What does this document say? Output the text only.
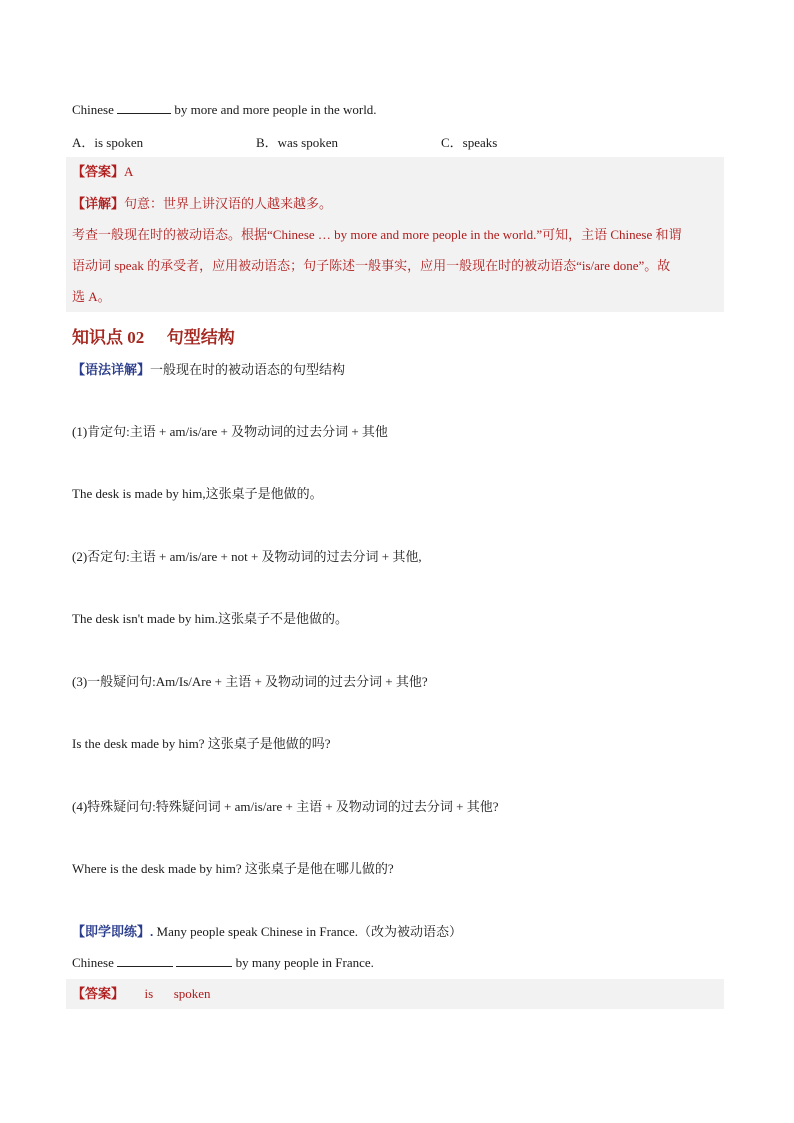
Chinese	by more and more people in the world.
A．is spoken	B．was spoken	C．speaks
【答案】A
【详解】句意：世界上讲汉语的人越来越多。
考查一般现在时的被动语态。根据“Chinese … by more and more people in the world.”可知，主语 Chinese 和谓
语动词 speak 的承受者，应用被动语态；句子陈述一般事实，应用一般现在时的被动语态“is/are done”。故
选 A。
知识点 02 句型结构
【语法详解】一般现在时的被动语态的句型结构
(1)肯定句:主语 + am/is/are + 及物动词的过去分词 + 其他
The desk is made by him,这张桌子是他做的。
(2)否定句:主语 + am/is/are + not + 及物动词的过去分词 + 其他,
The desk isn't made by him.这张桌子不是他做的。
(3)一般疑问句:Am/Is/Are + 主语 + 及物动词的过去分词 + 其他?
Is the desk made by him? 这张桌子是他做的吗?
(4)特殊疑问句:特殊疑问词 + am/is/are + 主语 + 及物动词的过去分词 + 其他?
Where is the desk made by him? 这张桌子是他在哪儿做的?
【即学即练】. Many people speak Chinese in France.（改为被动语态）
Chinese	by many people in France.
【答案】 is spoken
